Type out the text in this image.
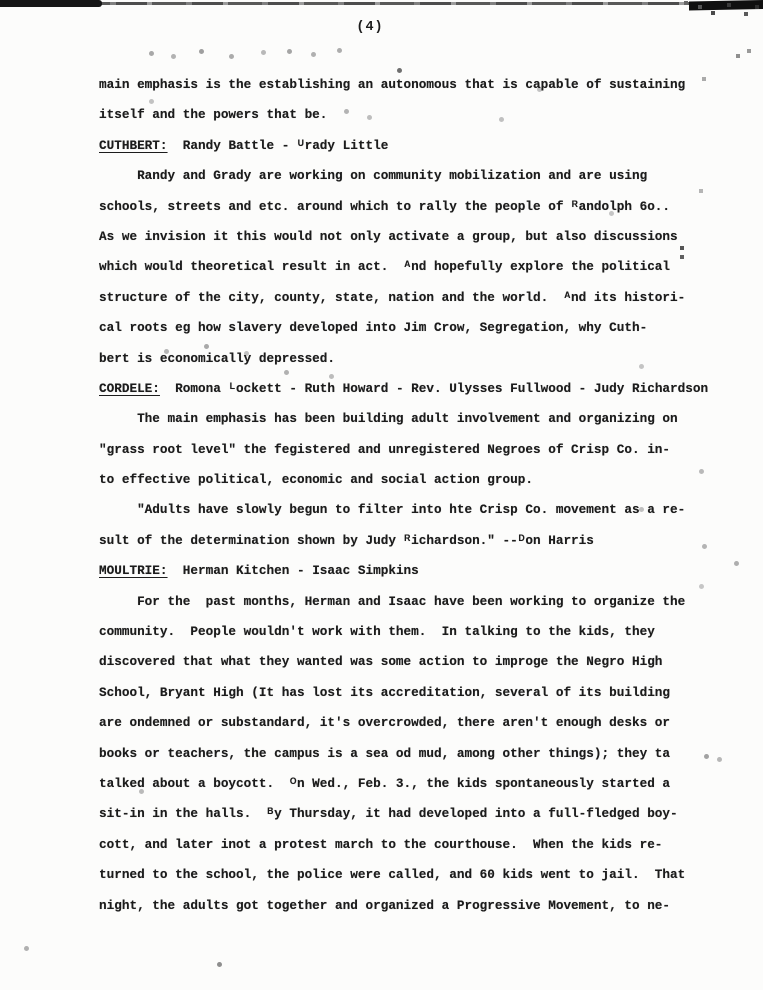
(4)
main emphasis is the establishing an autonomous that is capable of sustaining
itself and the powers that be.
CUTHBERT:  Randy Battle - ᵁrady Little
Randy and Grady are working on community mobilization and are using
schools, streets and etc. around which to rally the people of ᴿandolph 6o..
As we invision it this would not only activate a group, but also discussions
which would theoretical result in act.  ᴬnd hopefully explore the political
structure of the city, county, state, nation and the world.  ᴬnd its histori-
cal roots eg how slavery developed into Jim Crow, Segregation, why Cuth-
bert is economically depressed.
CORDELE:  Romona ᴸockett - Ruth Howard - Rev. Ulysses Fullwood - Judy Richardson
The main emphasis has been building adult involvement and organizing on
"grass root level" the fegistered and unregistered Negroes of Crisp Co. in-
to effective political, economic and social action group.
"Adults have slowly begun to filter into hte Crisp Co. movement as a re-
sult of the determination shown by Judy ᴿichardson." --ᴰon Harris
MOULTRIE:  Herman Kitchen - Isaac Simpkins
For the  past months, Herman and Isaac have been working to organize the
community.  People wouldn't work with them.  In talking to the kids, they
discovered that what they wanted was some action to improge the Negro High
School, Bryant High (It has lost its accreditation, several of its building
are ondemned or substandard, it's overcrowded, there aren't enough desks or
books or teachers, the campus is a sea od mud, among other things); they ta
talked about a boycott.  ᴼn Wed., Feb. 3., the kids spontaneously started a
sit-in in the halls.  ᴮy Thursday, it had developed into a full-fledged boy-
cott, and later inot a protest march to the courthouse.  When the kids re-
turned to the school, the police were called, and 60 kids went to jail.  That
night, the adults got together and organized a Progressive Movement, to ne-
